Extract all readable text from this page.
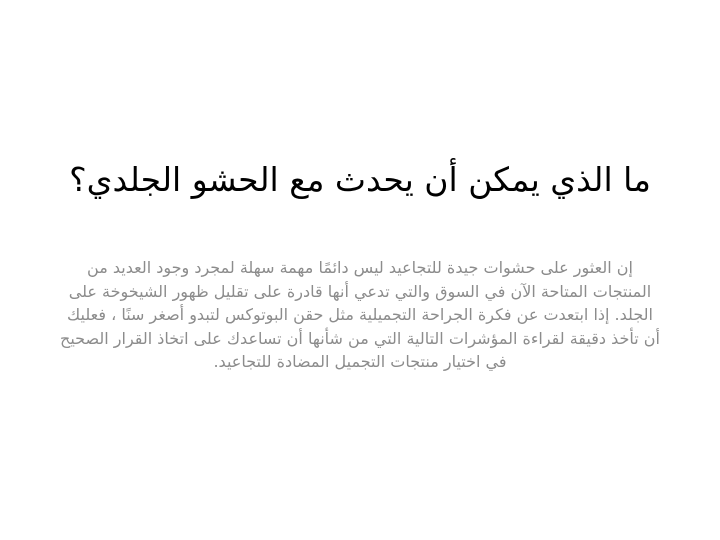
ما الذي يمكن أن يحدث مع الحشو الجلدي؟

إن العثور على حشوات جيدة للتجاعيد ليس دائمًا مهمة سهلة لمجرد وجود العديد من المنتجات المتاحة الآن في السوق والتي تدعي أنها قادرة على تقليل ظهور الشيخوخة على الجلد. إذا ابتعدت عن فكرة الجراحة التجميلية مثل حقن البوتوكس لتبدو أصغر سنًا ، فعليك أن تأخذ دقيقة لقراءة المؤشرات التالية التي من شأنها أن تساعدك على اتخاذ القرار الصحيح في اختيار منتجات التجميل المضادة للتجاعيد.
